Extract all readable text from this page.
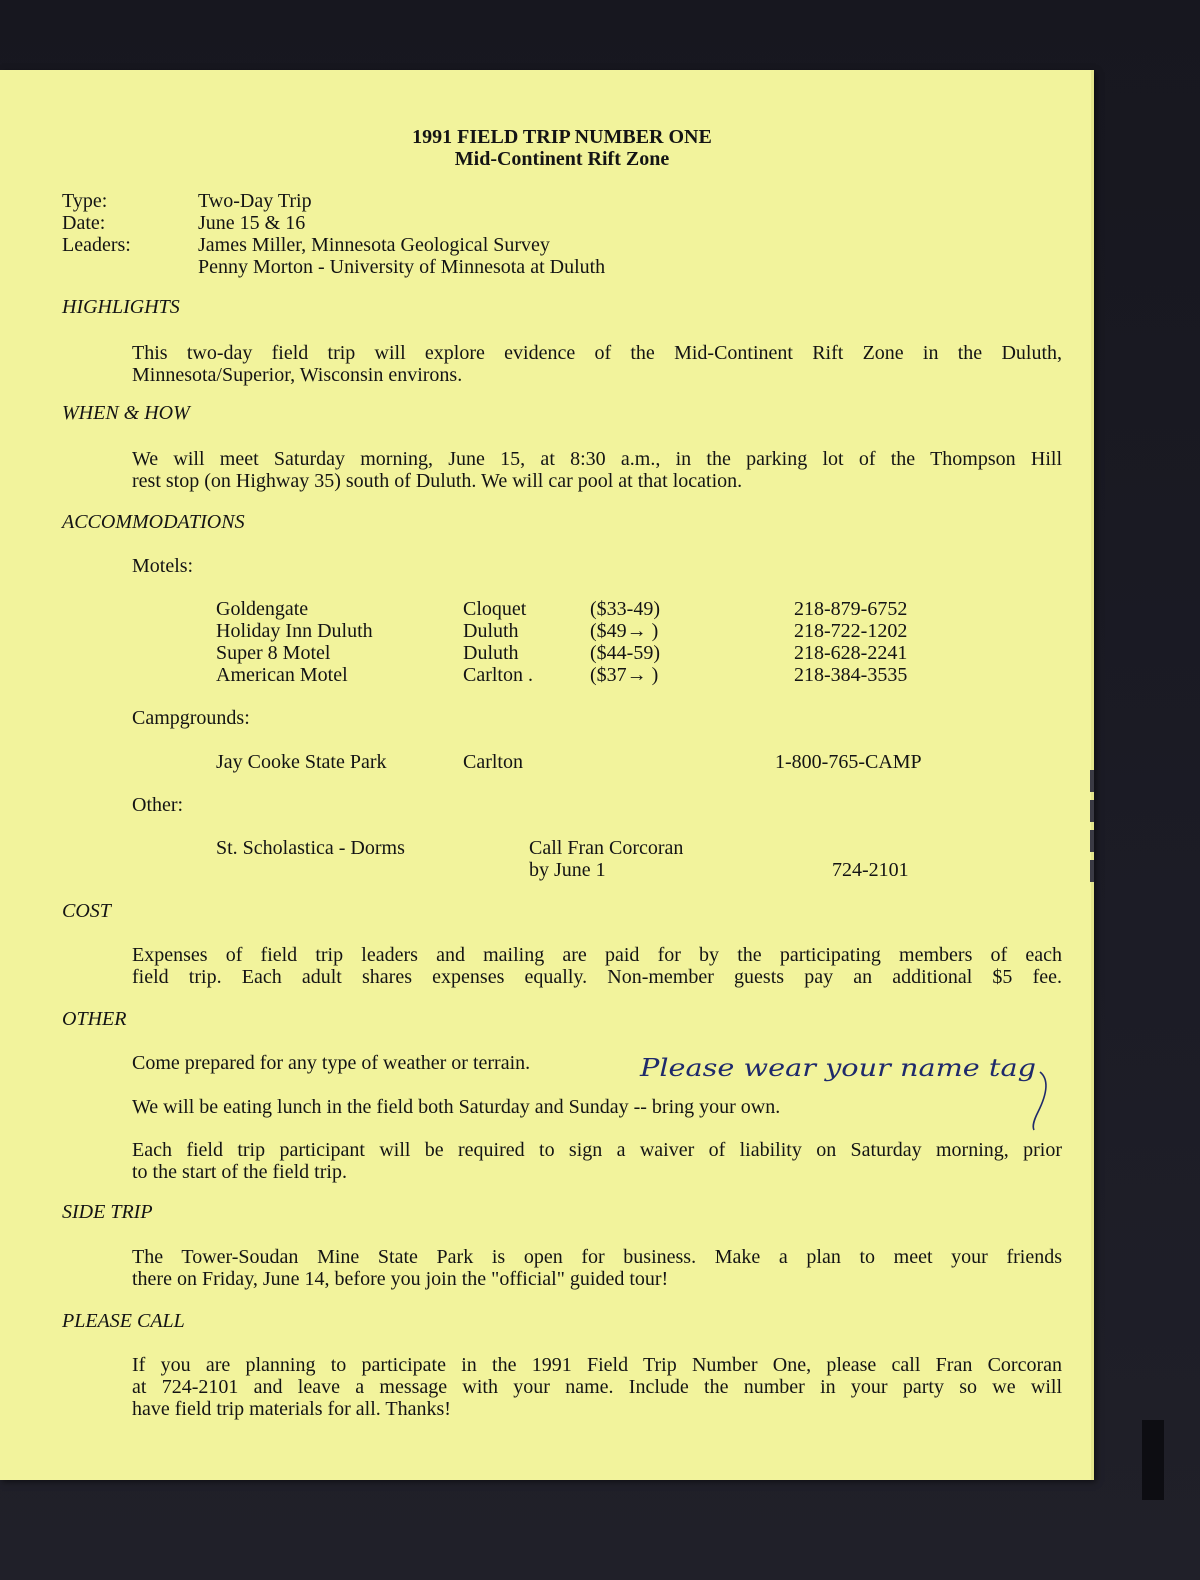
1991 FIELD TRIP NUMBER ONE
Mid-Continent Rift Zone
Type:	Two-Day Trip
Date:	June 15 & 16
Leaders:	James Miller, Minnesota Geological Survey
Penny Morton - University of Minnesota at Duluth
HIGHLIGHTS
This two-day field trip will explore evidence of the Mid-Continent Rift Zone in the Duluth,
Minnesota/Superior, Wisconsin environs.
WHEN & HOW
We will meet Saturday morning, June 15, at 8:30 a.m., in the parking lot of the Thompson Hill
rest stop (on Highway 35) south of Duluth. We will car pool at that location.
ACCOMMODATIONS
Motels:
Goldengate	Cloquet	($33-49)	218-879-6752
Holiday Inn Duluth	Duluth	($49→ )	218-722-1202
Super 8 Motel	Duluth	($44-59)	218-628-2241
American Motel	Carlton .	($37→ )	218-384-3535
Campgrounds:
Jay Cooke State Park	Carlton	1-800-765-CAMP
Other:
St. Scholastica - Dorms	Call Fran Corcoran
by June 1	724-2101
COST
Expenses of field trip leaders and mailing are paid for by the participating members of each
field trip. Each adult shares expenses equally. Non-member guests pay an additional $5 fee.
OTHER
Come prepared for any type of weather or terrain.	Please wear your name tag
We will be eating lunch in the field both Saturday and Sunday -- bring your own.
Each field trip participant will be required to sign a waiver of liability on Saturday morning, prior
to the start of the field trip.
SIDE TRIP
The Tower-Soudan Mine State Park is open for business. Make a plan to meet your friends
there on Friday, June 14, before you join the "official" guided tour!
PLEASE CALL
If you are planning to participate in the 1991 Field Trip Number One, please call Fran Corcoran
at 724-2101 and leave a message with your name. Include the number in your party so we will
have field trip materials for all. Thanks!
